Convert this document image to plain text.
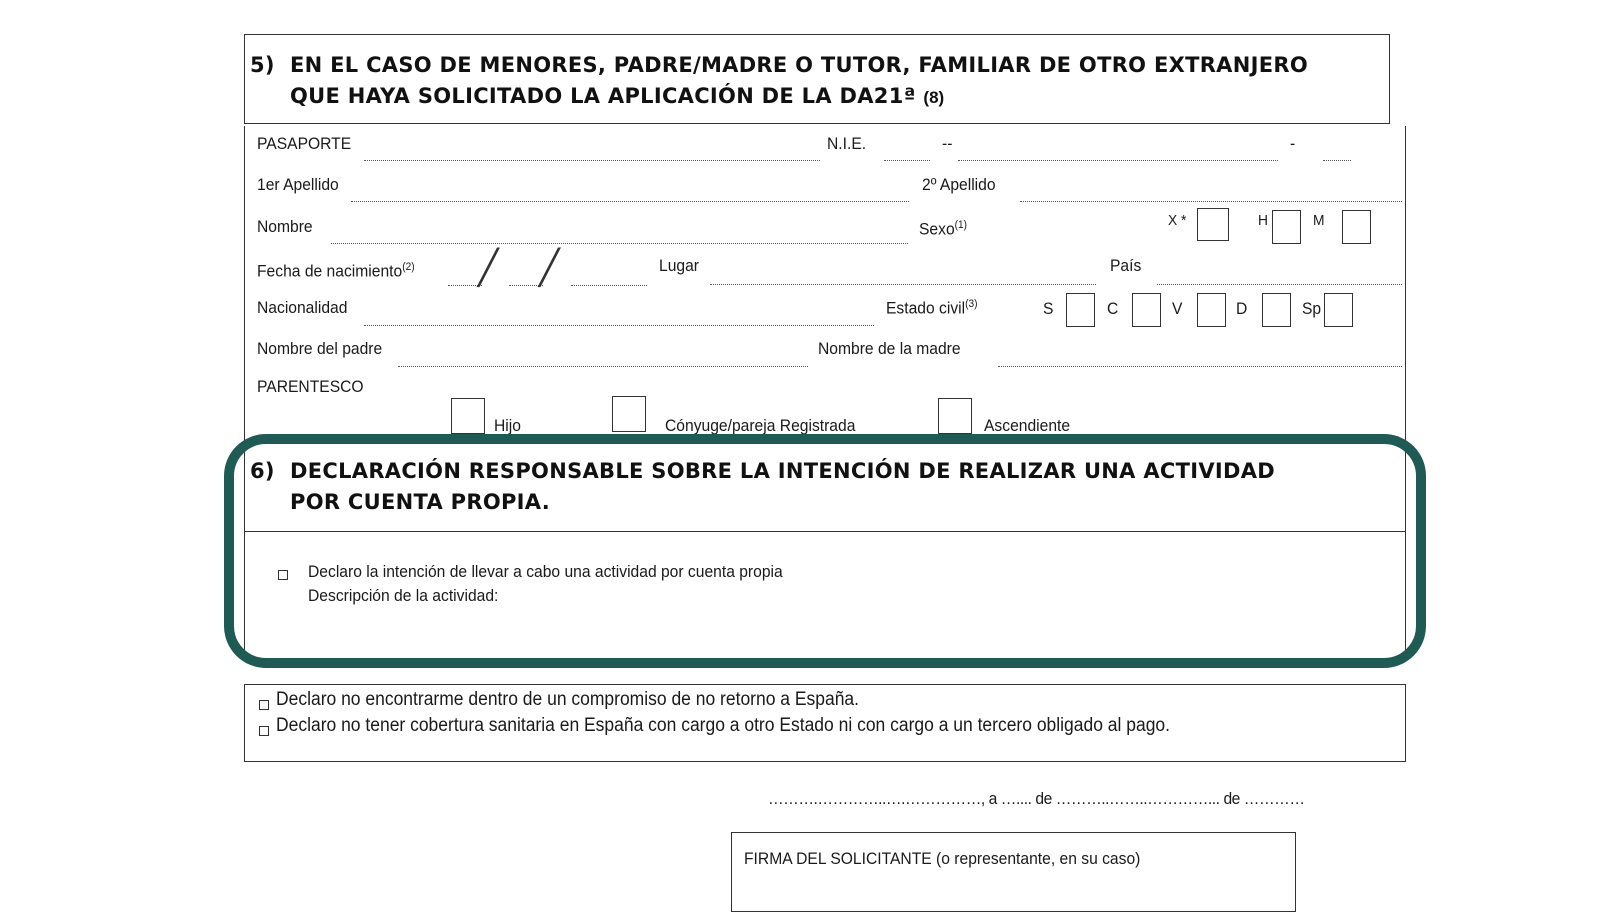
5) EN EL CASO DE MENORES, PADRE/MADRE O TUTOR, FAMILIAR DE OTRO EXTRANJERO
QUE HAYA SOLICITADO LA APLICACIÓN DE LA DA21ª (8)
PASAPORTE	N.I.E.	--	-
1er Apellido	2º Apellido
Nombre	Sexo$^{(1)}$	X *	H	M
Fecha de nacimiento$^{(2)}$ ╱ ╱	Lugar	País
Nacionalidad	Estado civil$^{(3)}$	S	C	V	D	Sp
Nombre del padre	Nombre de la madre
PARENTESCO
Hijo	Cónyuge/pareja Registrada	Ascendiente
6) DECLARACIÓN RESPONSABLE SOBRE LA INTENCIÓN DE REALIZAR UNA ACTIVIDAD
POR CUENTA PROPIA.
Declaro la intención de llevar a cabo una actividad por cuenta propia
Descripción de la actividad:
Declaro no encontrarme dentro de un compromiso de no retorno a España.
Declaro no tener cobertura sanitaria en España con cargo a otro Estado ni con cargo a un tercero obligado al pago.
……….…………..….……………, a ….... de ………..……..…………... de …………
FIRMA DEL SOLICITANTE (o representante, en su caso)
